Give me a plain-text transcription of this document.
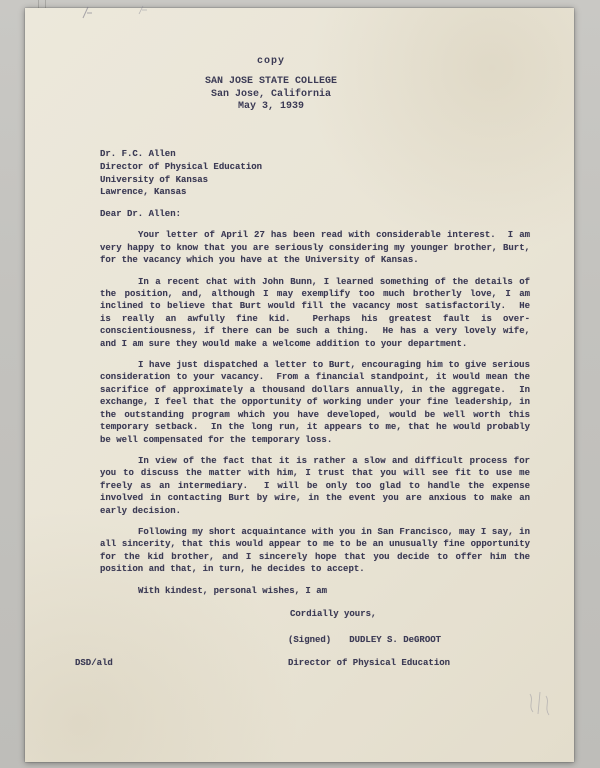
copy
SAN JOSE STATE COLLEGE
San Jose, California
May 3, 1939
Dr. F.C. Allen
Director of Physical Education
University of Kansas
Lawrence, Kansas
Dear Dr. Allen:
Your letter of April 27 has been read with considerable interest.  I am very happy to know that you are seriously considering my younger brother, Burt, for the vacancy which you have at the University of Kansas.
In a recent chat with John Bunn, I learned something of the details of the position, and, although I may exemplify too much brotherly love, I am inclined to believe that Burt would fill the vacancy most satisfactorily.  He is really an awfully fine kid.  Perhaps his greatest fault is over-conscientiousness, if there can be such a thing.  He has a very lovely wife, and I am sure they would make a welcome addition to your department.
I have just dispatched a letter to Burt, encouraging him to give serious consideration to your vacancy.  From a financial standpoint, it would mean the sacrifice of approximately a thousand dollars annually, in the aggregate.  In exchange, I feel that the opportunity of working under your fine leadership, in the outstanding program which you have developed, would be well worth this temporary setback.  In the long run, it appears to me, that he would probably be well compensated for the temporary loss.
In view of the fact that it is rather a slow and difficult process for you to discuss the matter with him, I trust that you will see fit to use me freely as an intermediary.  I will be only too glad to handle the expense involved in contacting Burt by wire, in the event you are anxious to make an early decision.
Following my short acquaintance with you in San Francisco, may I say, in all sincerity, that this would appear to me to be an unusually fine opportunity for the kid brother, and I sincerely hope that you decide to offer him the position and that, in turn, he decides to accept.
With kindest, personal wishes, I am
Cordially yours,
(Signed) DUDLEY S. DeGROOT
DSD/ald	Director of Physical Education
